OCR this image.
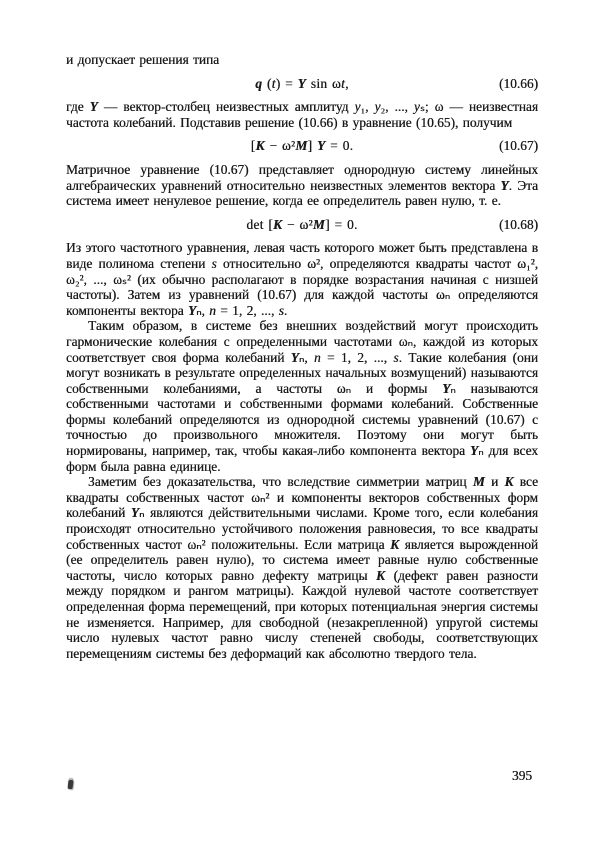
и допускает решения типа

q (t) = Y sin ωt,	(10.66)

где Y — вектор-столбец неизвестных амплитуд y₁, y₂, ..., yₛ; ω — неизвестная частота колебаний. Подставив решение (10.66) в уравнение (10.65), получим

[K − ω²M] Y = 0.	(10.67)

Матричное уравнение (10.67) представляет однородную систему линейных алгебраических уравнений относительно неизвестных элементов вектора Y. Эта система имеет ненулевое решение, когда ее определитель равен нулю, т. е.

det [K − ω²M] = 0.	(10.68)

Из этого частотного уравнения, левая часть которого может быть представлена в виде полинома степени s относительно ω², определяются квадраты частот ω₁², ω₂², ..., ωₛ² (их обычно располагают в порядке возрастания начиная с низшей частоты). Затем из уравнений (10.67) для каждой частоты ωₙ определяются компоненты вектора Yₙ, n = 1, 2, ..., s.

Таким образом, в системе без внешних воздействий могут происходить гармонические колебания с определенными частотами ωₙ, каждой из которых соответствует своя форма колебаний Yₙ, n = 1, 2, ..., s. Такие колебания (они могут возникать в результате определенных начальных возмущений) называются собственными колебаниями, а частоты ωₙ и формы Yₙ называются собственными частотами и собственными формами колебаний. Собственные формы колебаний определяются из однородной системы уравнений (10.67) с точностью до произвольного множителя. Поэтому они могут быть нормированы, например, так, чтобы какая-либо компонента вектора Yₙ для всех форм была равна единице.

Заметим без доказательства, что вследствие симметрии матриц M и K все квадраты собственных частот ωₙ² и компоненты векторов собственных форм колебаний Yₙ являются действительными числами. Кроме того, если колебания происходят относительно устойчивого положения равновесия, то все квадраты собственных частот ωₙ² положительны. Если матрица K является вырожденной (ее определитель равен нулю), то система имеет равные нулю собственные частоты, число которых равно дефекту матрицы K (дефект равен разности между порядком и рангом матрицы). Каждой нулевой частоте соответствует определенная форма перемещений, при которых потенциальная энергия системы не изменяется. Например, для свободной (незакрепленной) упругой системы число нулевых частот равно числу степеней свободы, соответствующих перемещениям системы без деформаций как абсолютно твердого тела.

395
